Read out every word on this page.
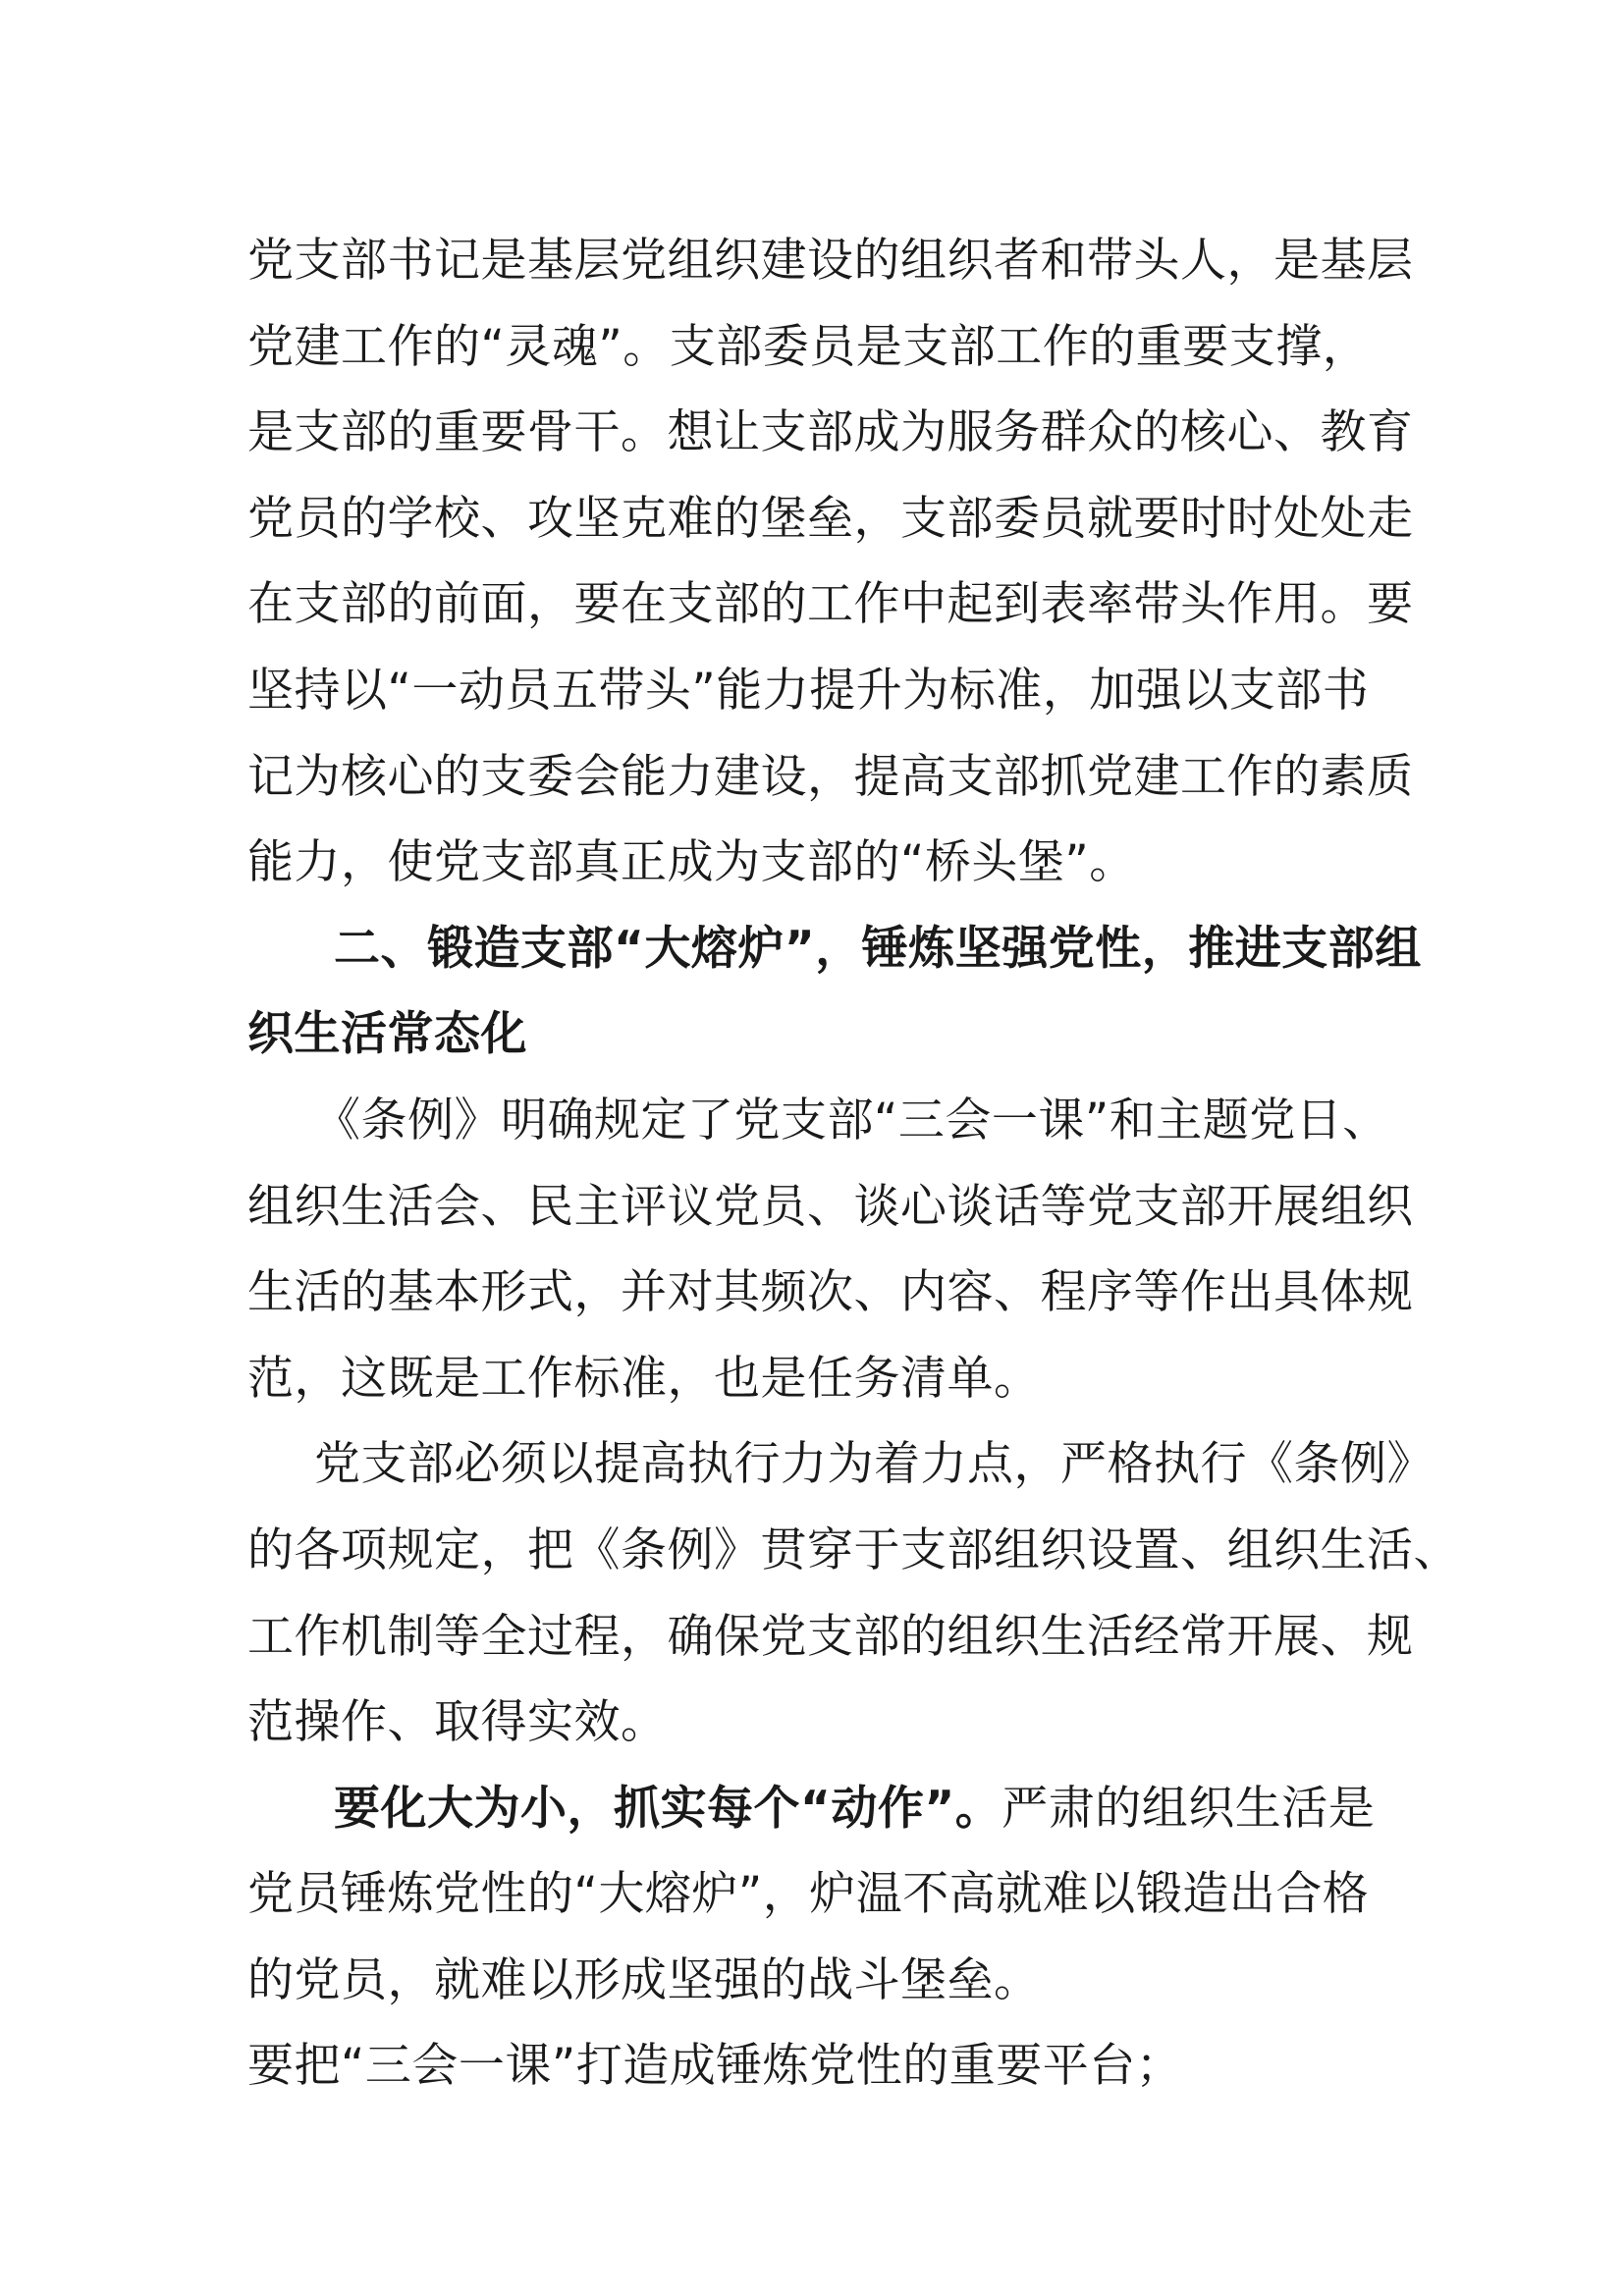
党支部书记是基层党组织建设的组织者和带头人，是基层
党建工作的“灵魂”。支部委员是支部工作的重要支撑，
是支部的重要骨干。想让支部成为服务群众的核心、教育
党员的学校、攻坚克难的堡垒，支部委员就要时时处处走
在支部的前面，要在支部的工作中起到表率带头作用。要
坚持以“一动员五带头”能力提升为标准，加强以支部书
记为核心的支委会能力建设，提高支部抓党建工作的素质
能力，使党支部真正成为支部的“桥头堡”。
二、锻造支部“大熔炉”，锤炼坚强党性，推进支部组
织生活常态化
《条例》明确规定了党支部“三会一课”和主题党日、
组织生活会、民主评议党员、谈心谈话等党支部开展组织
生活的基本形式，并对其频次、内容、程序等作出具体规
范，这既是工作标准，也是任务清单。
党支部必须以提高执行力为着力点，严格执行《条例》
的各项规定，把《条例》贯穿于支部组织设置、组织生活、
工作机制等全过程，确保党支部的组织生活经常开展、规
范操作、取得实效。
要化大为小，抓实每个“动作”。严肃的组织生活是
党员锤炼党性的“大熔炉”，炉温不高就难以锻造出合格
的党员，就难以形成坚强的战斗堡垒。
要把“三会一课”打造成锤炼党性的重要平台；
